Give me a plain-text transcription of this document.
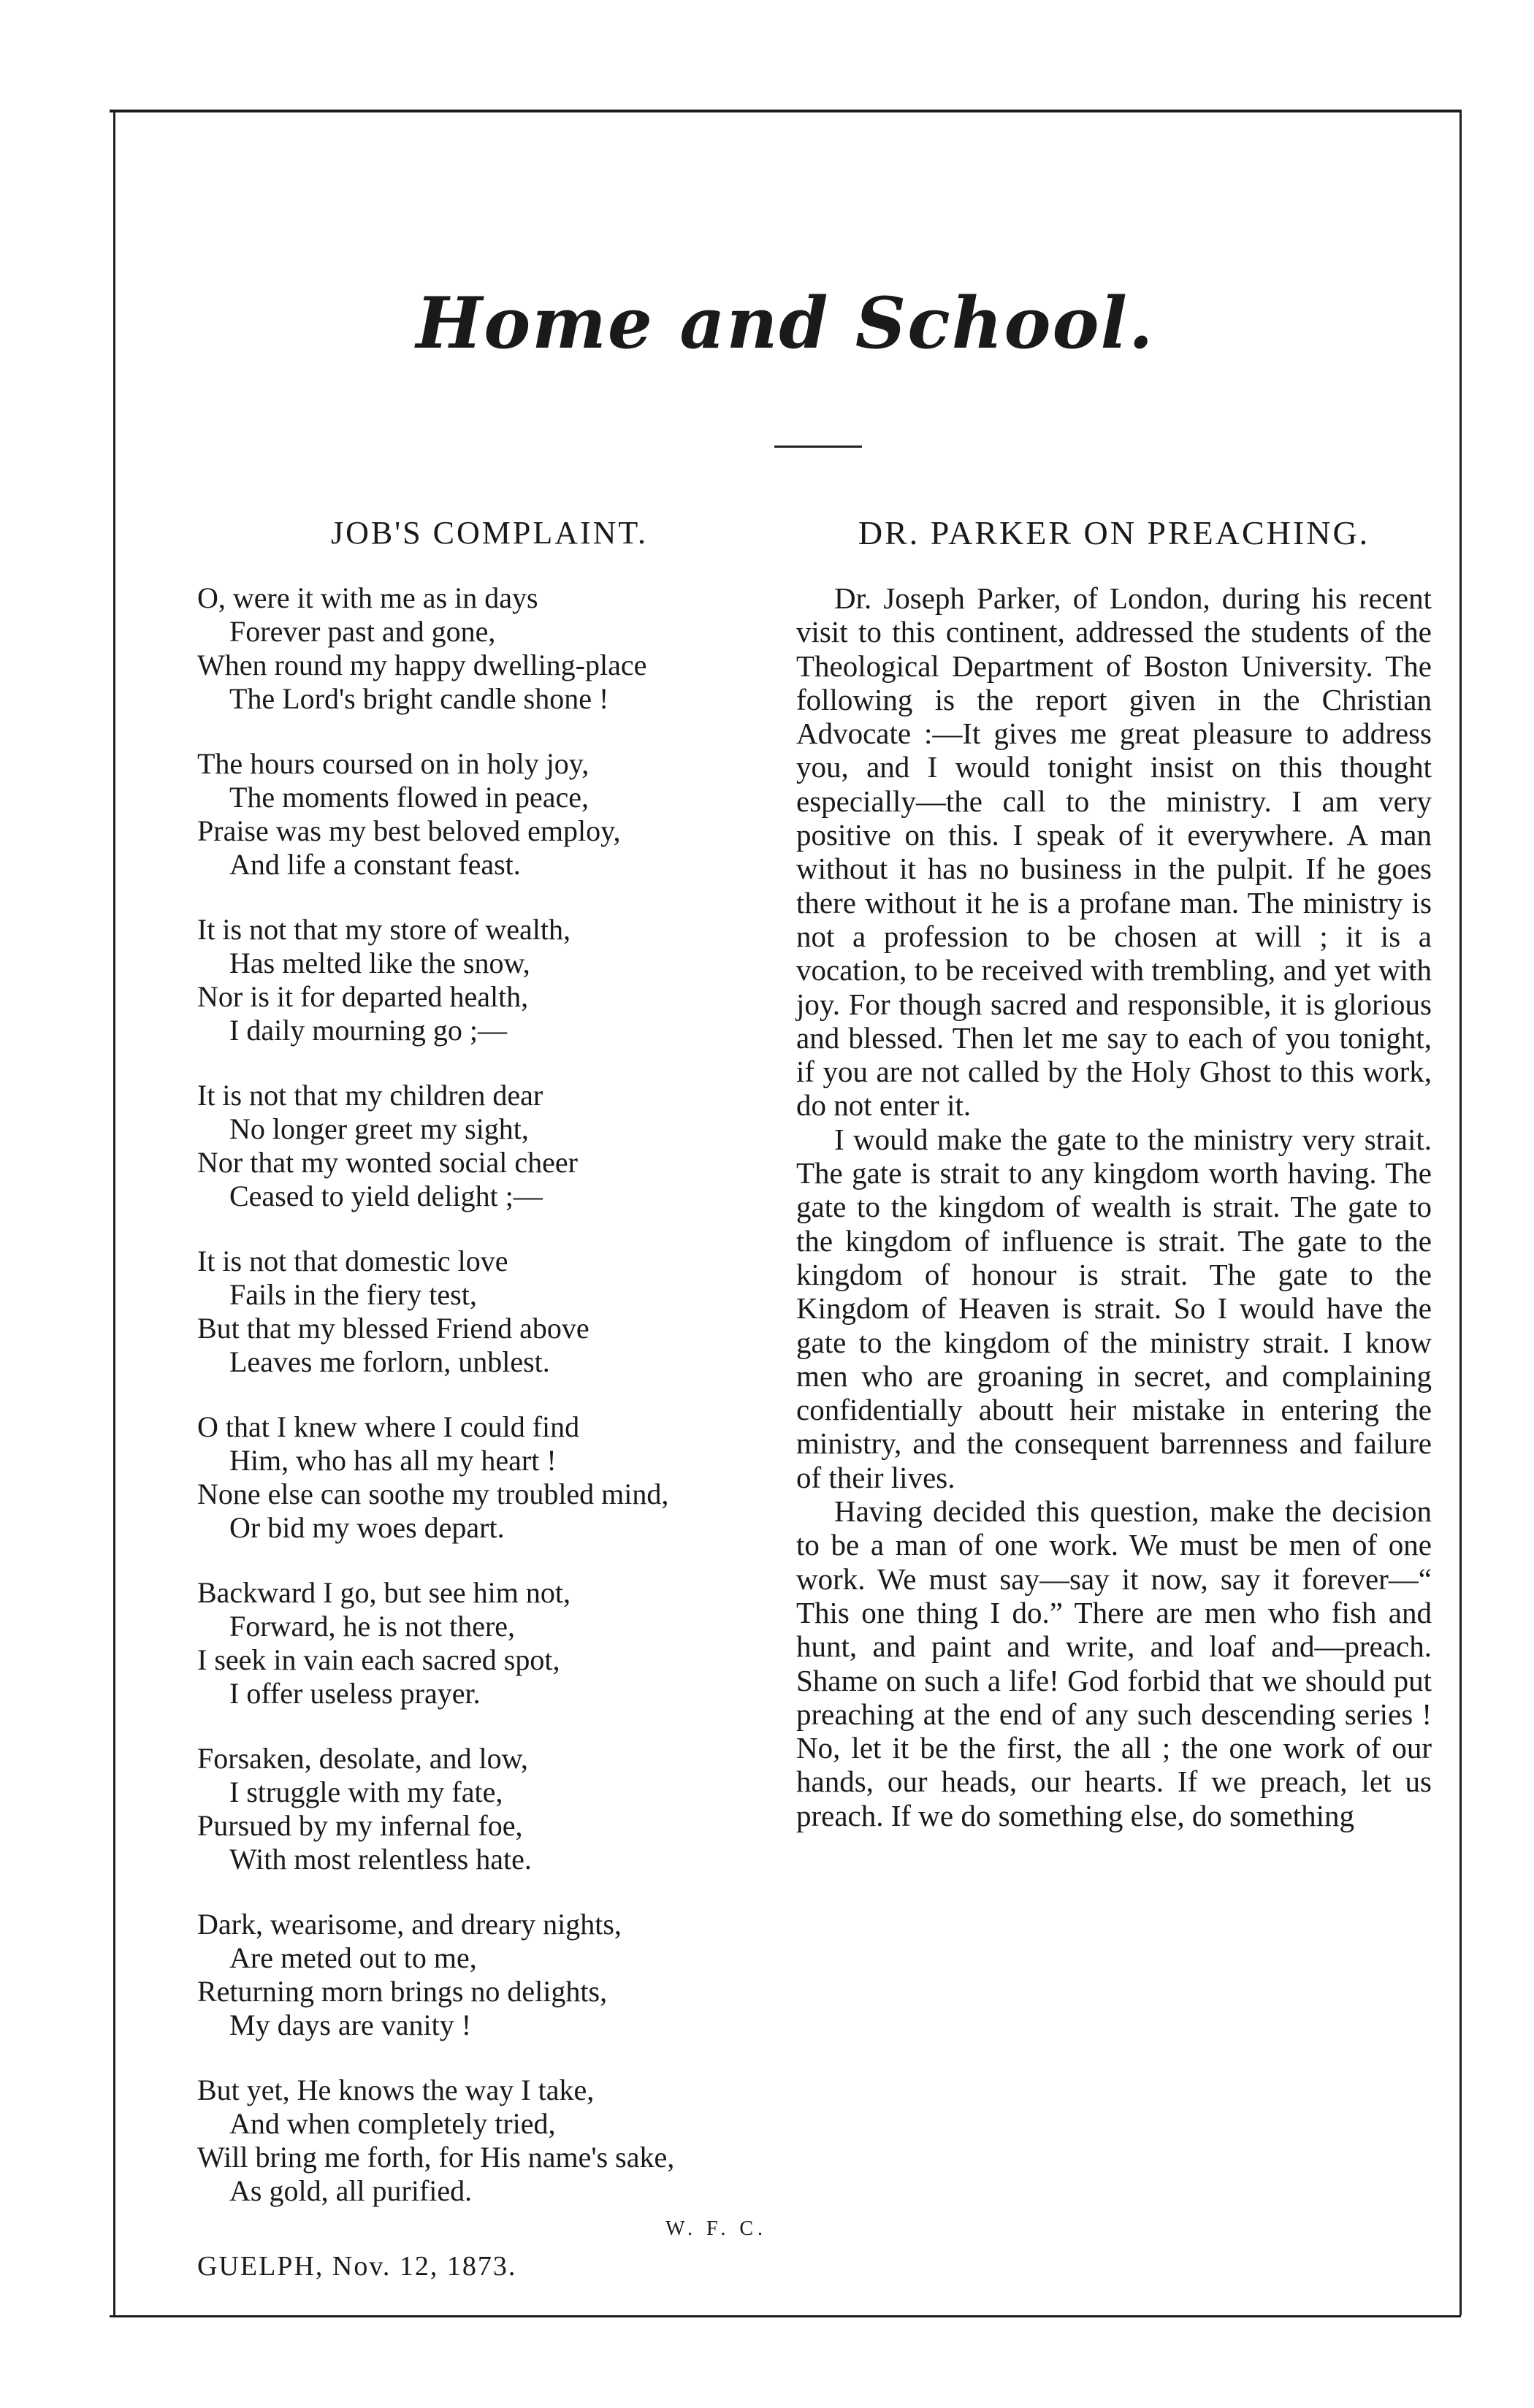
Home and School.
JOB'S COMPLAINT.
O, were it with me as in days
Forever past and gone,
When round my happy dwelling-place
The Lord's bright candle shone !
The hours coursed on in holy joy,
The moments flowed in peace,
Praise was my best beloved employ,
And life a constant feast.
It is not that my store of wealth,
Has melted like the snow,
Nor is it for departed health,
I daily mourning go ;—
It is not that my children dear
No longer greet my sight,
Nor that my wonted social cheer
Ceased to yield delight ;—
It is not that domestic love
Fails in the fiery test,
But that my blessed Friend above
Leaves me forlorn, unblest.
O that I knew where I could find
Him, who has all my heart !
None else can soothe my troubled mind,
Or bid my woes depart.
Backward I go, but see him not,
Forward, he is not there,
I seek in vain each sacred spot,
I offer useless prayer.
Forsaken, desolate, and low,
I struggle with my fate,
Pursued by my infernal foe,
With most relentless hate.
Dark, wearisome, and dreary nights,
Are meted out to me,
Returning morn brings no delights,
My days are vanity !
But yet, He knows the way I take,
And when completely tried,
Will bring me forth, for His name's sake,
As gold, all purified.
W. F. C.
GUELPH, Nov. 12, 1873.
DR. PARKER ON PREACHING.

Dr. Joseph Parker, of London, during his recent visit to this continent, addressed the students of the Theological Department of Boston University. The following is the report given in the Christian Advocate :—It gives me great pleasure to address you, and I would tonight insist on this thought especially—the call to the ministry. I am very positive on this. I speak of it everywhere. A man without it has no business in the pulpit. If he goes there without it he is a profane man. The ministry is not a profession to be chosen at will ; it is a vocation, to be received with trembling, and yet with joy. For though sacred and responsible, it is glorious and blessed. Then let me say to each of you tonight, if you are not called by the Holy Ghost to this work, do not enter it.

I would make the gate to the ministry very strait. The gate is strait to any kingdom worth having. The gate to the kingdom of wealth is strait. The gate to the kingdom of influence is strait. The gate to the kingdom of honour is strait. The gate to the Kingdom of Heaven is strait. So I would have the gate to the kingdom of the ministry strait. I know men who are groaning in secret, and complaining confidentially aboutt heir mistake in entering the ministry, and the consequent barrenness and failure of their lives.

Having decided this question, make the decision to be a man of one work. We must be men of one work. We must say—say it now, say it forever—“ This one thing I do.” There are men who fish and hunt, and paint and write, and loaf and—preach. Shame on such a life! God forbid that we should put preaching at the end of any such descending series ! No, let it be the first, the all ; the one work of our hands, our heads, our hearts. If we preach, let us preach. If we do something else, do something
